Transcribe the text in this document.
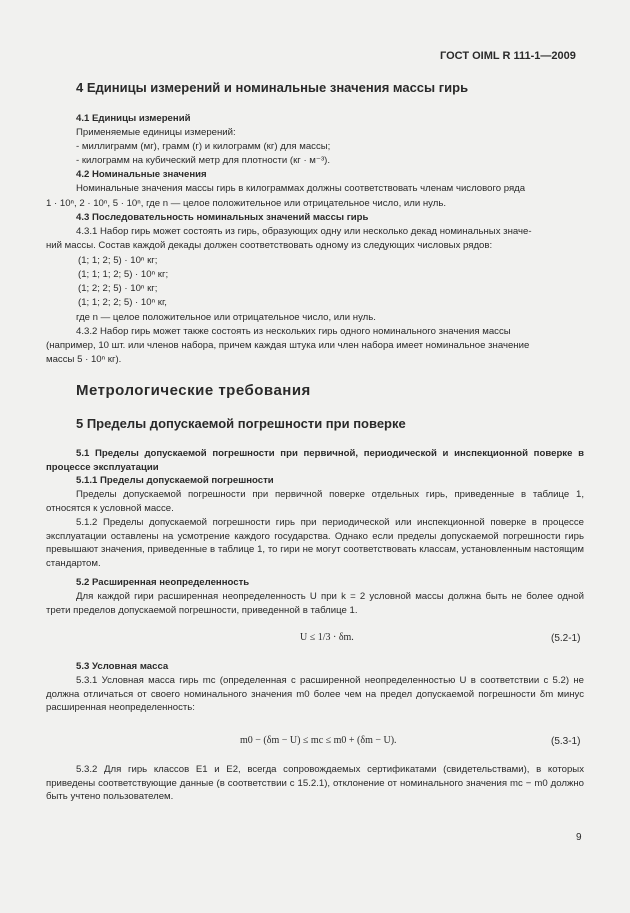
ГОСТ OIML R 111-1—2009
4 Единицы измерений и номинальные значения массы гирь
4.1 Единицы измерений
Применяемые единицы измерений:
- миллиграмм (мг), грамм (г) и килограмм (кг) для массы;
- килограмм на кубический метр для плотности (кг · м⁻³).
4.2 Номинальные значения
Номинальные значения массы гирь в килограммах должны соответствовать членам числового ряда
1 · 10ⁿ, 2 · 10ⁿ, 5 · 10ⁿ, где n — целое положительное или отрицательное число, или нуль.
4.3 Последовательность номинальных значений массы гирь
4.3.1 Набор гирь может состоять из гирь, образующих одну или несколько декад номинальных значе-
ний массы. Состав каждой декады должен соответствовать одному из следующих числовых рядов:
(1; 1; 2; 5) · 10ⁿ кг;
(1; 1; 1; 2; 5) · 10ⁿ кг;
(1; 2; 2; 5) · 10ⁿ кг;
(1; 1; 2; 2; 5) · 10ⁿ кг,
где n — целое положительное или отрицательное число, или нуль.
4.3.2 Набор гирь может также состоять из нескольких гирь одного номинального значения массы
(например, 10 шт. или членов набора, причем каждая штука или член набора имеет номинальное значение
массы 5 · 10ⁿ кг).
Метрологические требования
5 Пределы допускаемой погрешности при поверке
5.1 Пределы допускаемой погрешности при первичной, периодической и инспекционной поверке в процессе эксплуатации
5.1.1 Пределы допускаемой погрешности
Пределы допускаемой погрешности при первичной поверке отдельных гирь, приведенные в таблице 1, относятся к условной массе.
5.1.2 Пределы допускаемой погрешности гирь при периодической или инспекционной поверке в процессе эксплуатации оставлены на усмотрение каждого государства. Однако если пределы допускаемой погрешности гирь превышают значения, приведенные в таблице 1, то гири не могут соответствовать классам, установленным настоящим стандартом.
5.2 Расширенная неопределенность
Для каждой гири расширенная неопределенность U при k = 2 условной массы должна быть не более одной трети пределов допускаемой погрешности, приведенной в таблице 1.
U ≤ 1/3 · δm.	(5.2-1)
5.3 Условная масса
5.3.1 Условная масса гирь mc (определенная с расширенной неопределенностью U в соответствии с 5.2) не должна отличаться от своего номинального значения m0 более чем на предел допускаемой погрешности δm минус расширенная неопределенность:
m0 − (δm − U) ≤ mc ≤ m0 + (δm − U).	(5.3-1)
5.3.2 Для гирь классов E1 и E2, всегда сопровождаемых сертификатами (свидетельствами), в которых приведены соответствующие данные (в соответствии с 15.2.1), отклонение от номинального значения mc − m0 должно быть учтено пользователем.
9
